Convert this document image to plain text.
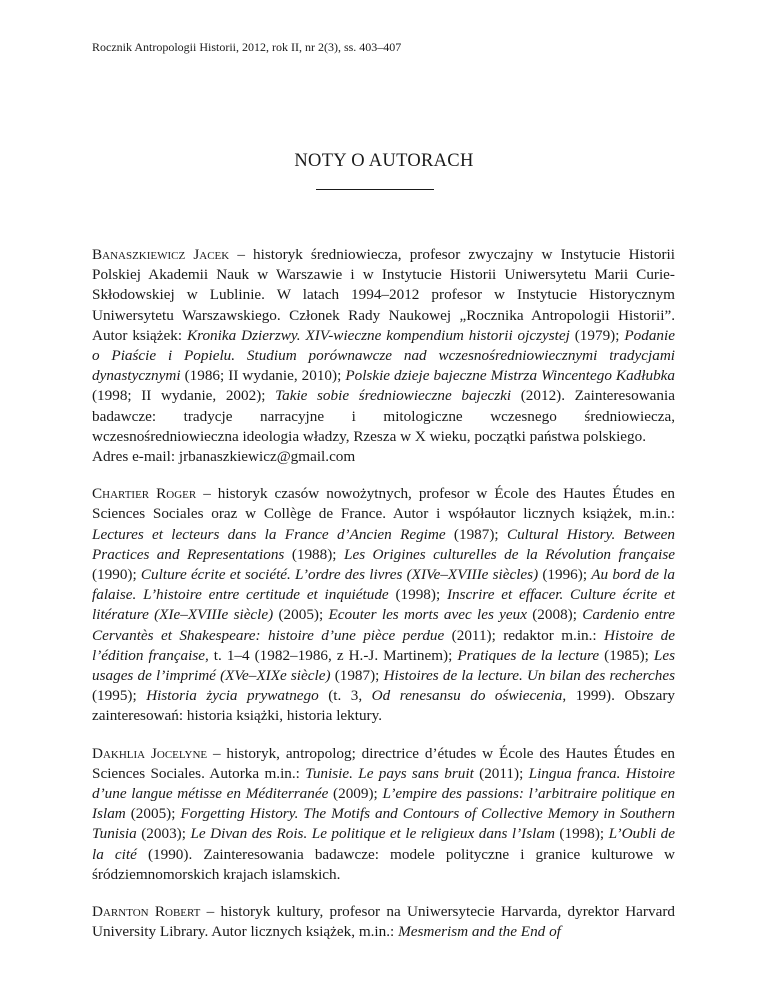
Rocznik Antropologii Historii, 2012, rok II, nr 2(3), ss. 403–407
NOTY O AUTORACH

Banaszkiewicz Jacek – historyk średniowiecza, profesor zwyczajny w Instytucie Historii Polskiej Akademii Nauk w Warszawie i w Instytucie Historii Uniwersytetu Marii Curie-Skłodowskiej w Lublinie. W latach 1994–2012 profesor w Instytucie Historycznym Uniwersytetu Warszawskiego. Członek Rady Naukowej „Rocznika Antropologii Historii”. Autor książek: Kronika Dzierzwy. XIV-wieczne kompendium historii ojczystej (1979); Podanie o Piaście i Popielu. Studium porównawcze nad wczesnośredniowiecznymi tradycjami dynastycznymi (1986; II wydanie, 2010); Polskie dzieje bajeczne Mistrza Wincentego Kadłubka (1998; II wydanie, 2002); Takie sobie średniowieczne bajeczki (2012). Zainteresowania badawcze: tradycje narracyjne i mitologiczne wczesnego średniowiecza, wczesnośredniowieczna ideologia władzy, Rzesza w X wieku, początki państwa polskiego.
Adres e-mail: jrbanaszkiewicz@gmail.com

Chartier Roger – historyk czasów nowożytnych, profesor w École des Hautes Études en Sciences Sociales oraz w Collège de France. Autor i współautor licznych książek, m.in.: Lectures et lecteurs dans la France d’Ancien Regime (1987); Cultural History. Between Practices and Representations (1988); Les Origines culturelles de la Révolution française (1990); Culture écrite et société. L’ordre des livres (XIVe–XVIIIe siècles) (1996); Au bord de la falaise. L’histoire entre certitude et inquiétude (1998); Inscrire et effacer. Culture écrite et litérature (XIe–XVIIIe siècle) (2005); Ecouter les morts avec les yeux (2008); Cardenio entre Cervantès et Shakespeare: histoire d’une pièce perdue (2011); redaktor m.in.: Histoire de l’édition française, t. 1–4 (1982–1986, z H.-J. Martinem); Pratiques de la lecture (1985); Les usages de l’imprimé (XVe–XIXe siècle) (1987); Histoires de la lecture. Un bilan des recherches (1995); Historia życia prywatnego (t. 3, Od renesansu do oświecenia, 1999). Obszary zainteresowań: historia książki, historia lektury.

Dakhlia Jocelyne – historyk, antropolog; directrice d’études w École des Hautes Études en Sciences Sociales. Autorka m.in.: Tunisie. Le pays sans bruit (2011); Lingua franca. Histoire d’une langue métisse en Méditerranée (2009); L’empire des passions: l’arbitraire politique en Islam (2005); Forgetting History. The Motifs and Contours of Collective Memory in Southern Tunisia (2003); Le Divan des Rois. Le politique et le religieux dans l’Islam (1998); L’Oubli de la cité (1990). Zainteresowania badawcze: modele polityczne i granice kulturowe w śródziemnomorskich krajach islamskich.

Darnton Robert – historyk kultury, profesor na Uniwersytecie Harvarda, dyrektor Harvard University Library. Autor licznych książek, m.in.: Mesmerism and the End of
